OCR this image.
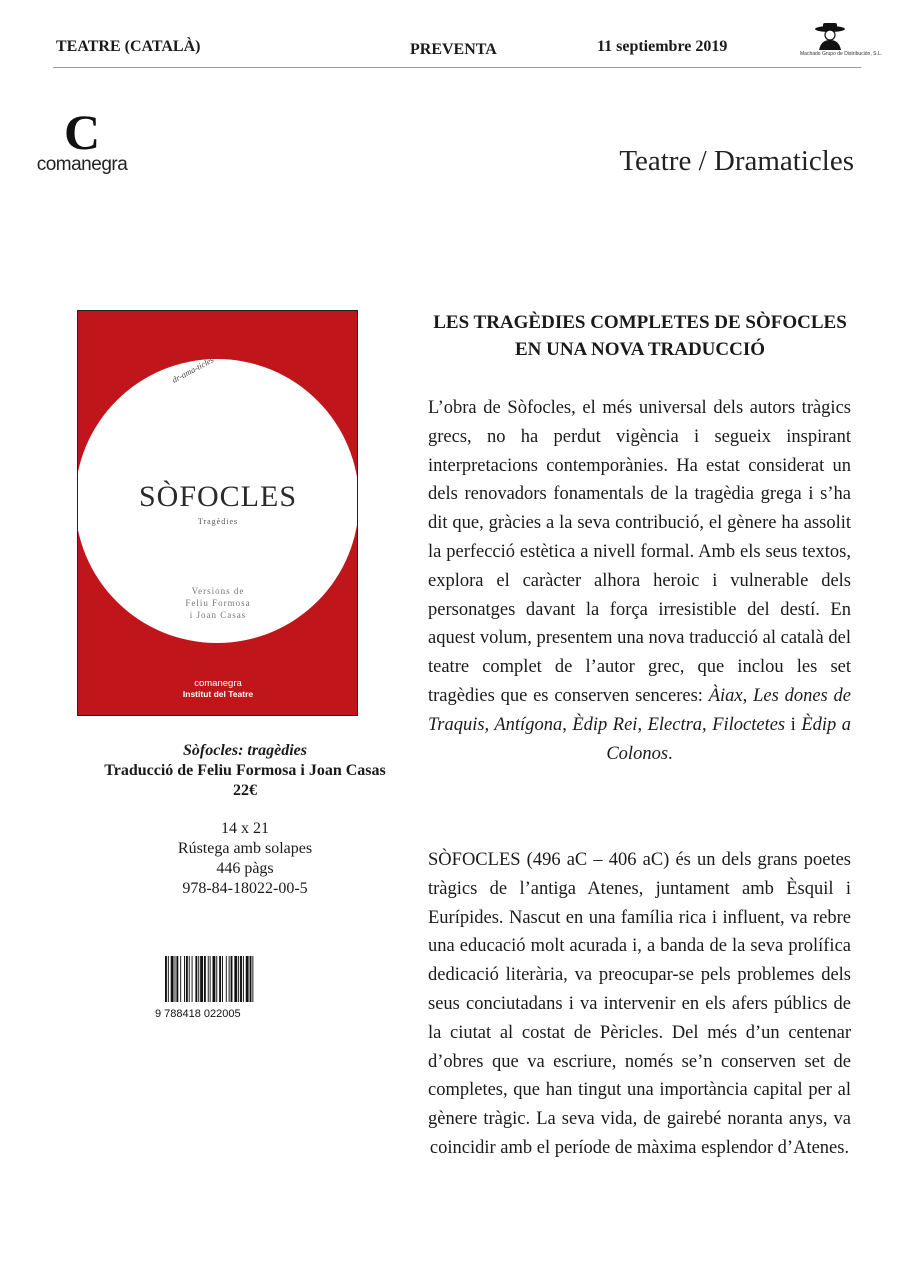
TEATRE (CATALÀ)	PREVENTA	11 septiembre 2019	Machado Grupo de Distribución, S.L.
C
comanegra	Teatre / Dramaticles
dr-ama-ticles
SÒFOCLES
Tragèdies
Versions de
Feliu Formosa
i Joan Casas
comanegra
Institut del Teatre
Sòfocles: tragèdies
Traducció de Feliu Formosa i Joan Casas
22€
14 x 21
Rústega amb solapes
446 pàgs
978-84-18022-00-5
9 788418 022005
LES TRAGÈDIES COMPLETES DE SÒFOCLES
EN UNA NOVA TRADUCCIÓ
L’obra de Sòfocles, el més universal dels autors tràgics grecs, no ha perdut vigència i segueix inspirant interpretacions contemporànies. Ha estat considerat un dels renovadors fonamentals de la tragèdia grega i s’ha dit que, gràcies a la seva contribució, el gènere ha assolit la perfecció estètica a nivell formal. Amb els seus textos, explora el caràcter alhora heroic i vulnerable dels personatges davant la força irresistible del destí. En aquest volum, presentem una nova traducció al català del teatre complet de l’autor grec, que inclou les set tragèdies que es conserven senceres: Àiax, Les dones de Traquis, Antígona, Èdip Rei, Electra, Filoctetes i Èdip a Colonos.
SÒFOCLES (496 aC – 406 aC) és un dels grans poetes tràgics de l’antiga Atenes, juntament amb Èsquil i Eurípides. Nascut en una família rica i influent, va rebre una educació molt acurada i, a banda de la seva prolífica dedicació literària, va preocupar-se pels problemes dels seus conciutadans i va intervenir en els afers públics de la ciutat al costat de Pèricles. Del més d’un centenar d’obres que va escriure, només se’n conserven set de completes, que han tingut una importància capital per al gènere tràgic. La seva vida, de gairebé noranta anys, va coincidir amb el període de màxima esplendor d’Atenes.
